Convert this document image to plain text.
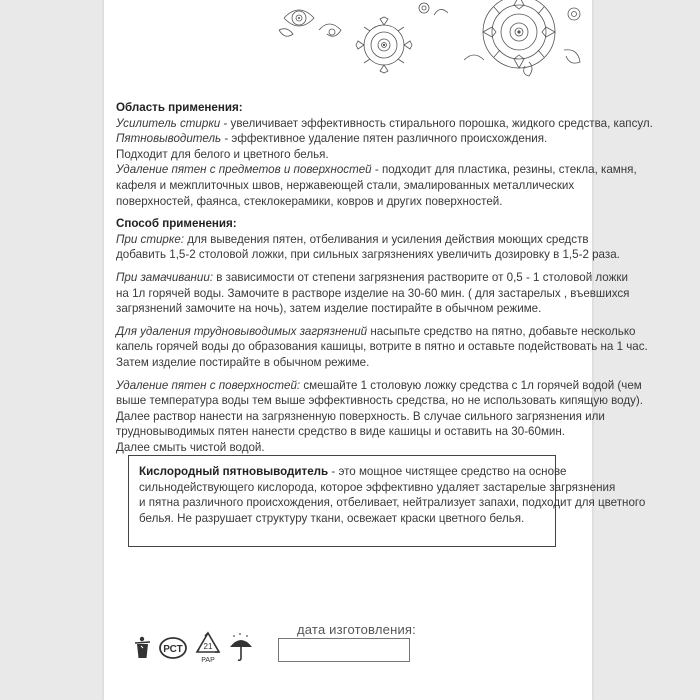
Область применения:

Усилитель стирки - увеличивает эффективность стирального порошка, жидкого средства, капсул.

Пятновыводитель - эффективное удаление пятен различного происхождения.

Подходит для белого и цветного белья.

Удаление пятен с предметов и поверхностей - подходит для пластика, резины, стекла, камня,

кафеля и межплиточных швов, нержавеющей стали, эмалированных металлических

поверхностей, фаянса, стеклокерамики, ковров и других поверхностей.

Способ применения:

При стирке: для выведения пятен, отбеливания и усиления действия моющих средств

добавить 1,5-2 столовой ложки, при сильных загрязнениях увеличить дозировку в 1,5-2 раза.

При замачивании: в зависимости от степени загрязнения растворите от 0,5 - 1 столовой ложки

на 1л горячей воды. Замочите в растворе изделие на 30-60 мин. ( для застарелых , въевшихся

загрязнений замочите на ночь), затем изделие постирайте в обычном режиме.

Для удаления трудновыводимых загрязнений насыпьте средство на пятно, добавьте несколько

капель горячей воды до образования кашицы, вотрите в пятно и оставьте подействовать на 1 час.

Затем изделие постирайте в обычном режиме.

Удаление пятен с поверхностей: смешайте 1 столовую ложку средства с 1л горячей водой (чем

выше температура воды тем выше эффективность средства, но не использовать кипящую воду).

Далее раствор нанести на загрязненную поверхность. В случае сильного загрязнения или

трудновыводимых пятен нанести средство в виде кашицы и оставить на 30-60мин.

Далее смыть чистой водой.

Кислородный пятновыводитель - это мощное чистящее средство на основе

сильнодействующего кислорода, которое эффективно удаляет застарелые загрязнения

и пятна различного происхождения, отбеливает, нейтрализует запахи, подходит для цветного

белья. Не разрушает структуру ткани, освежает краски цветного белья.

РСТ	21
PAP
дата изготовления:
